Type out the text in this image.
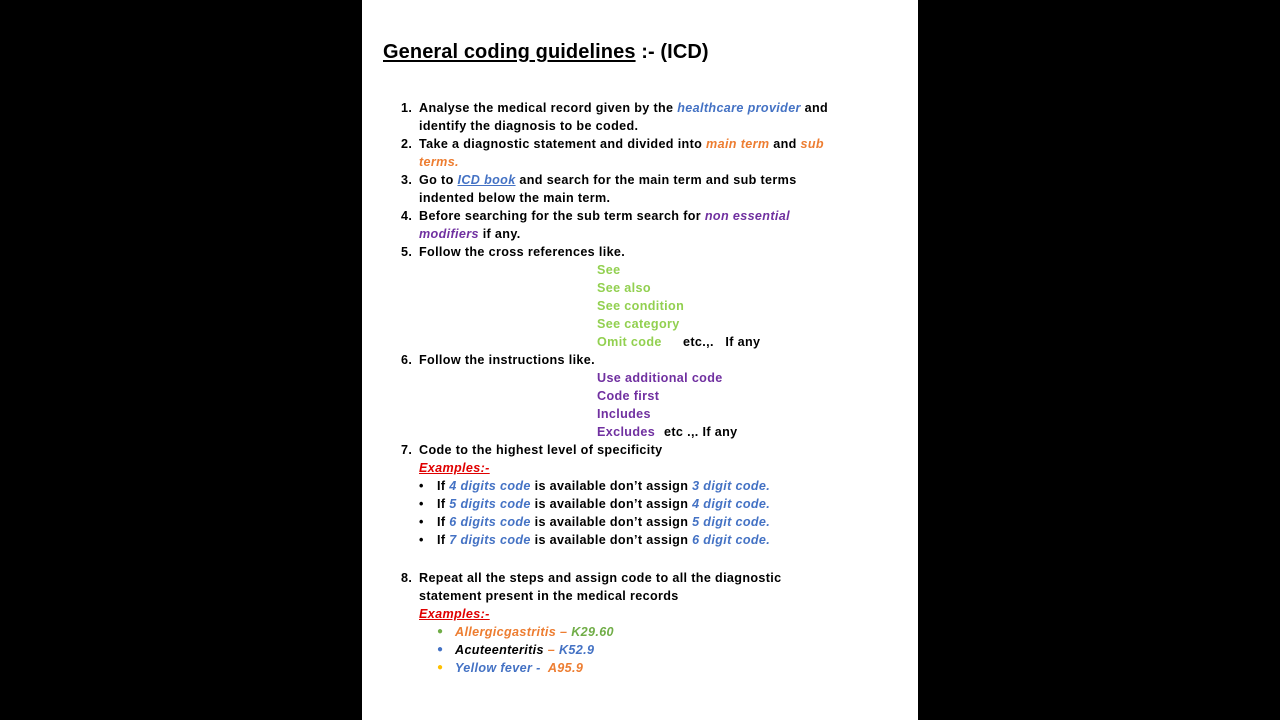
General coding guidelines :- (ICD)
1. Analyse the medical record given by the healthcare provider and
identify the diagnosis to be coded.
2. Take a diagnostic statement and divided into main term and sub
terms.
3. Go to ICD book and search for the main term and sub terms
indented below the main term.
4. Before searching for the sub term search for non essential
modifiers if any.
5. Follow the cross references like.
See
See also
See condition
See category
Omit code etc.,.   If any
6. Follow the instructions like.
Use additional code
Code first
Includes
Excludes etc .,. If any
7. Code to the highest level of specificity
Examples:-
• If 4 digits code is available don’t assign 3 digit code.
• If 5 digits code is available don’t assign 4 digit code.
• If 6 digits code is available don’t assign 5 digit code.
• If 7 digits code is available don’t assign 6 digit code.
8. Repeat all the steps and assign code to all the diagnostic
statement present in the medical records
Examples:-
● Allergicgastritis – K29.60
● Acuteenteritis – K52.9
● Yellow fever -  A95.9
